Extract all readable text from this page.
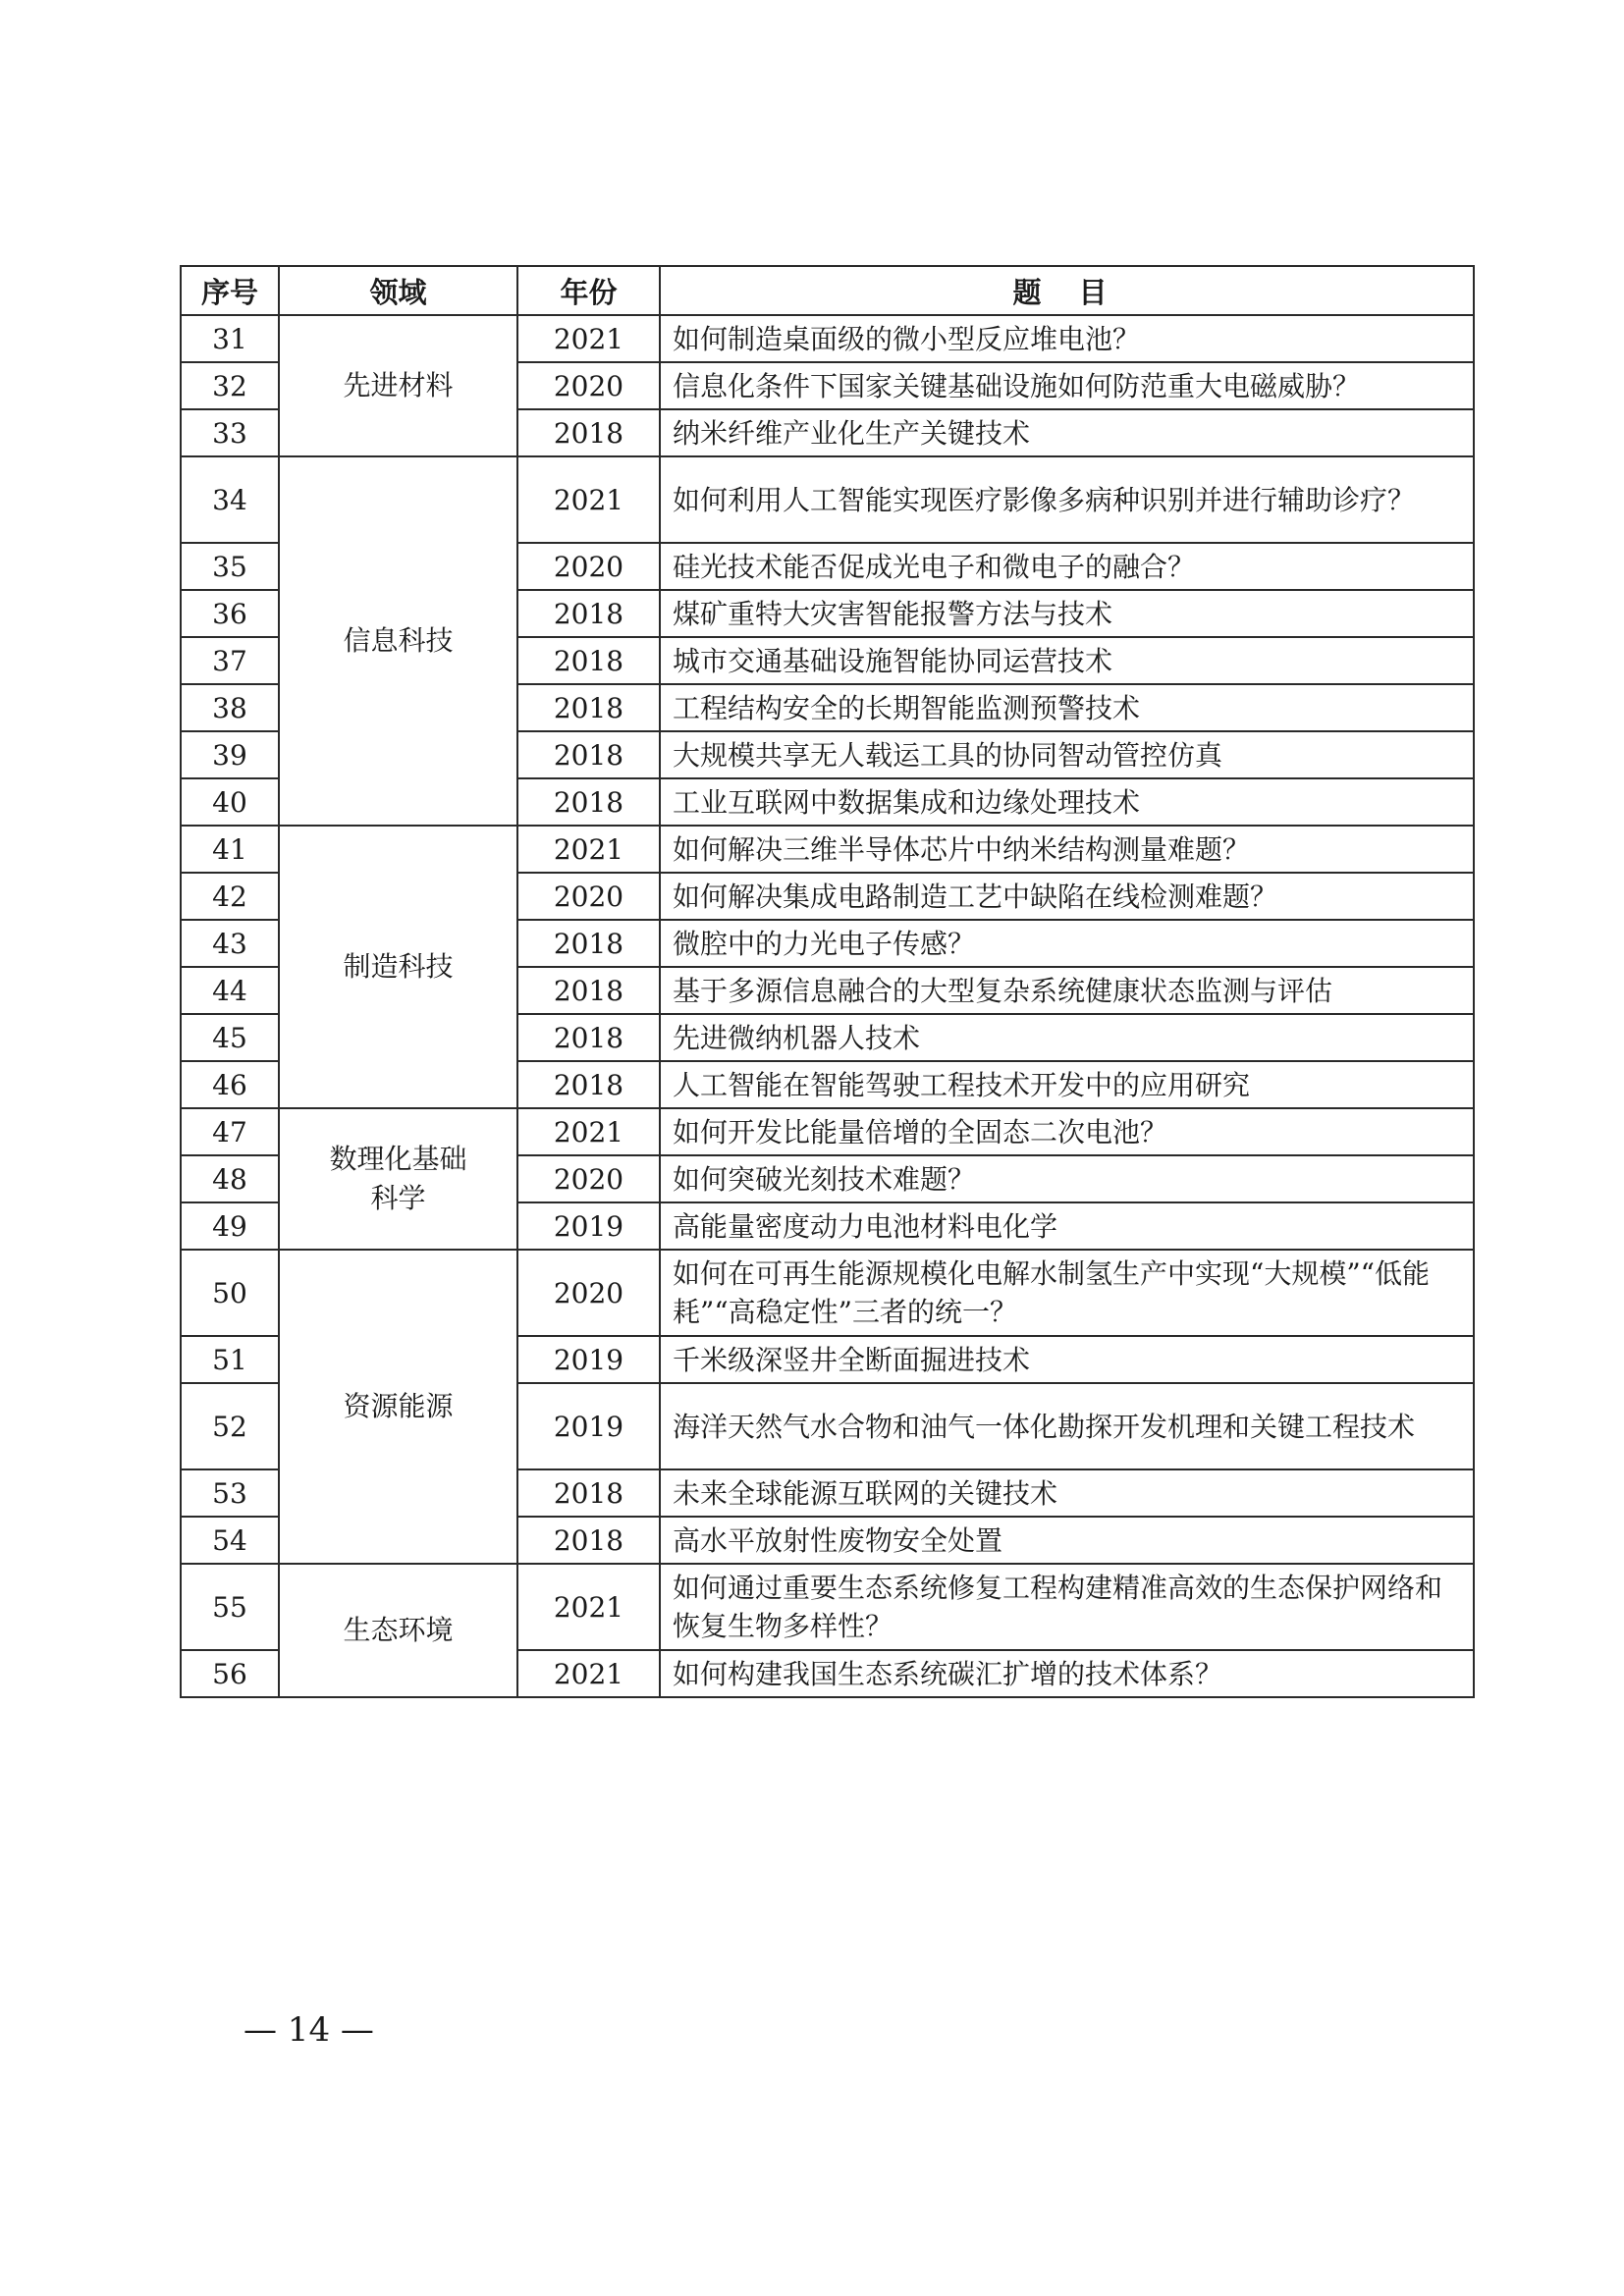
序号	领域	年份	题 目
31	先进材料	2021	如何制造桌面级的微小型反应堆电池？
32		2020	信息化条件下国家关键基础设施如何防范重大电磁威胁？
33		2018	纳米纤维产业化生产关键技术
34	信息科技	2021	如何利用人工智能实现医疗影像多病种识别并进行辅助诊疗？
35		2020	硅光技术能否促成光电子和微电子的融合？
36		2018	煤矿重特大灾害智能报警方法与技术
37		2018	城市交通基础设施智能协同运营技术
38		2018	工程结构安全的长期智能监测预警技术
39		2018	大规模共享无人载运工具的协同智动管控仿真
40		2018	工业互联网中数据集成和边缘处理技术
41	制造科技	2021	如何解决三维半导体芯片中纳米结构测量难题？
42		2020	如何解决集成电路制造工艺中缺陷在线检测难题？
43		2018	微腔中的力光电子传感？
44		2018	基于多源信息融合的大型复杂系统健康状态监测与评估
45		2018	先进微纳机器人技术
46		2018	人工智能在智能驾驶工程技术开发中的应用研究
47	数理化基础科学	2021	如何开发比能量倍增的全固态二次电池？
48		2020	如何突破光刻技术难题？
49		2019	高能量密度动力电池材料电化学
50	资源能源	2020	如何在可再生能源规模化电解水制氢生产中实现“大规模”“低能耗”“高稳定性”三者的统一？
51		2019	千米级深竖井全断面掘进技术
52		2019	海洋天然气水合物和油气一体化勘探开发机理和关键工程技术
53		2018	未来全球能源互联网的关键技术
54		2018	高水平放射性废物安全处置
55	生态环境	2021	如何通过重要生态系统修复工程构建精准高效的生态保护网络和恢复生物多样性？
56		2021	如何构建我国生态系统碳汇扩增的技术体系？
— 14 —
